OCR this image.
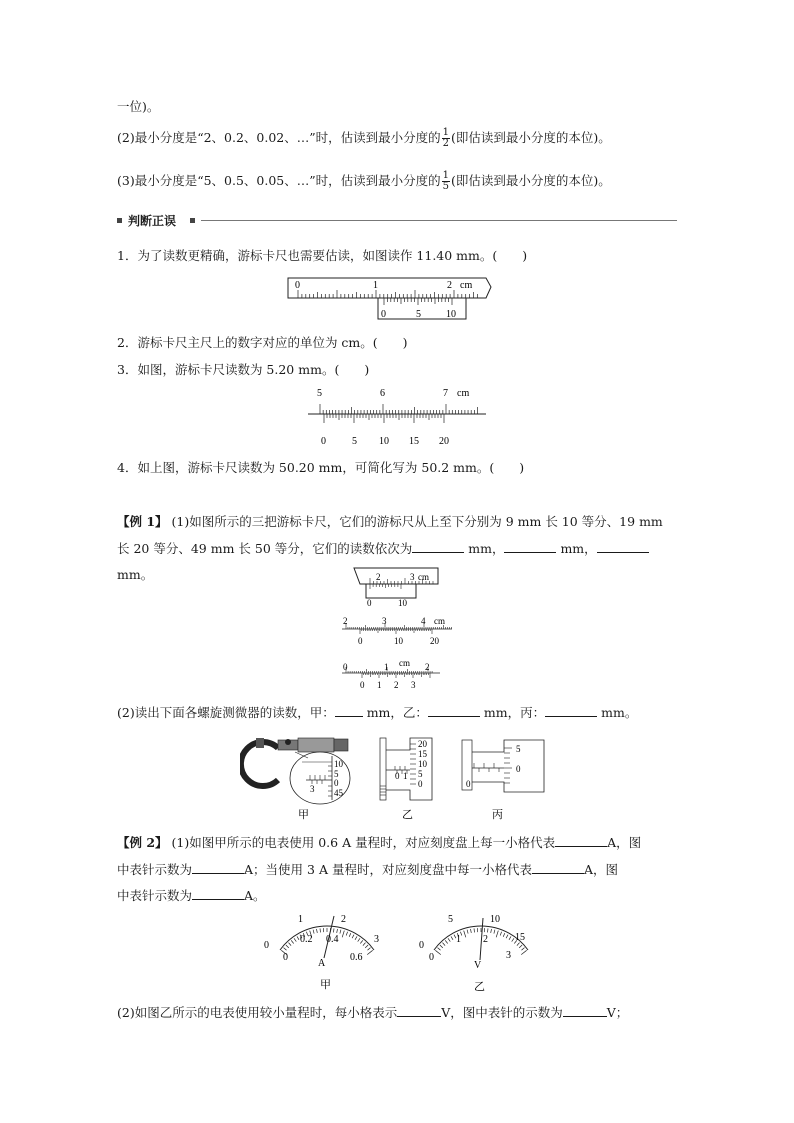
一位)。
(2)最小分度是“2、0.2、0.02、…”时，估读到最小分度的 $\frac{1}{2}$ (即估读到最小分度的本位)。
(3)最小分度是“5、0.5、0.05、…”时，估读到最小分度的 $\frac{1}{5}$ (即估读到最小分度的本位)。
判断正误
1．为了读数更精确，游标卡尺也需要估读，如图读作 11.40 mm。(　　)
0	1	2 cm
0	5	10
2．游标卡尺主尺上的数字对应的单位为 cm。(　　)
3．如图，游标卡尺读数为 5.20 mm。(　　)
5	6	7 cm
0	5 10 15 20
4．如上图，游标卡尺读数为 50.20 mm，可简化写为 50.2 mm。(　　)
【例 1】 (1)如图所示的三把游标卡尺，它们的游标尺从上至下分别为 9 mm 长 10 等分、19 mm
长 20 等分、49 mm 长 50 等分，它们的读数依次为	mm，	mm，
mm。	2	3 cm
0	10
2	3	4 cm
0	10	20
0	1 cm 2
0 1 2 3
(2)读出下面各螺旋测微器的读数，甲：	mm，乙：	mm，丙：	mm。
10
5
0
45
3
甲
20
15
10
5
0
0 1
乙
5
0
0
丙
【例 2】 (1)如图甲所示的电表使用 0.6 A 量程时，对应刻度盘上每一小格代表	A，图
中表针示数为	A；当使用 3 A 量程时，对应刻度盘中每一小格代表	A，图
中表针示数为	A。
0
1	2
3
0
0.2 0.4
0.6
A
甲
0
5	10
15
0
1 2
3
V
乙
(2)如图乙所示的电表使用较小量程时，每小格表示	V，图中表针的示数为	V；
